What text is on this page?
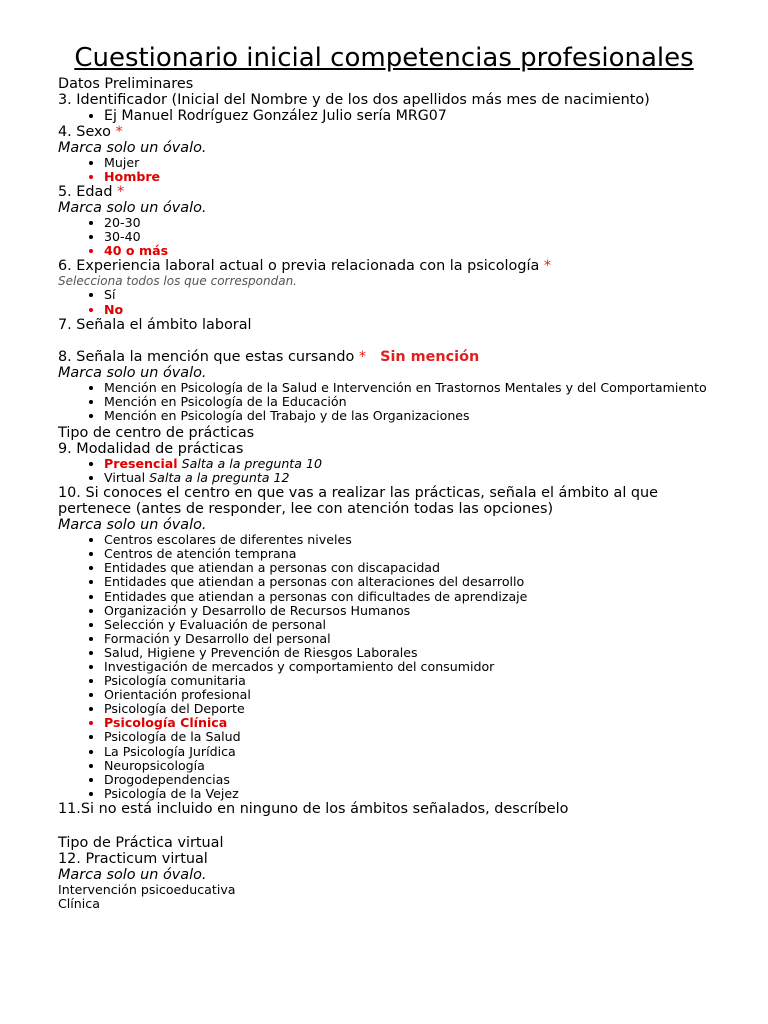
Cuestionario inicial competencias profesionales
Datos Preliminares
3. Identificador (Inicial del Nombre y de los dos apellidos más mes de nacimiento)
• Ej Manuel Rodríguez González Julio sería MRG07
4. Sexo *
Marca solo un óvalo.
• Mujer
• Hombre
5. Edad *
Marca solo un óvalo.
• 20-30
• 30-40
• 40 o más
6. Experiencia laboral actual o previa relacionada con la psicología *
Selecciona todos los que correspondan.
• Sí
• No
7. Señala el ámbito laboral
8. Señala la mención que estas cursando * Sin mención
Marca solo un óvalo.
• Mención en Psicología de la Salud e Intervención en Trastornos Mentales y del Comportamiento
• Mención en Psicología de la Educación
• Mención en Psicología del Trabajo y de las Organizaciones
Tipo de centro de prácticas
9. Modalidad de prácticas
• Presencial Salta a la pregunta 10
• Virtual Salta a la pregunta 12
10. Si conoces el centro en que vas a realizar las prácticas, señala el ámbito al que pertenece (antes de responder, lee con atención todas las opciones)
Marca solo un óvalo.
• Centros escolares de diferentes niveles
• Centros de atención temprana
• Entidades que atiendan a personas con discapacidad
• Entidades que atiendan a personas con alteraciones del desarrollo
• Entidades que atiendan a personas con dificultades de aprendizaje
• Organización y Desarrollo de Recursos Humanos
• Selección y Evaluación de personal
• Formación y Desarrollo del personal
• Salud, Higiene y Prevención de Riesgos Laborales
• Investigación de mercados y comportamiento del consumidor
• Psicología comunitaria
• Orientación profesional
• Psicología del Deporte
• Psicología Clínica
• Psicología de la Salud
• La Psicología Jurídica
• Neuropsicología
• Drogodependencias
• Psicología de la Vejez
11.Si no está incluido en ninguno de los ámbitos señalados, descríbelo
Tipo de Práctica virtual
12. Practicum virtual
Marca solo un óvalo.
Intervención psicoeducativa
Clínica
